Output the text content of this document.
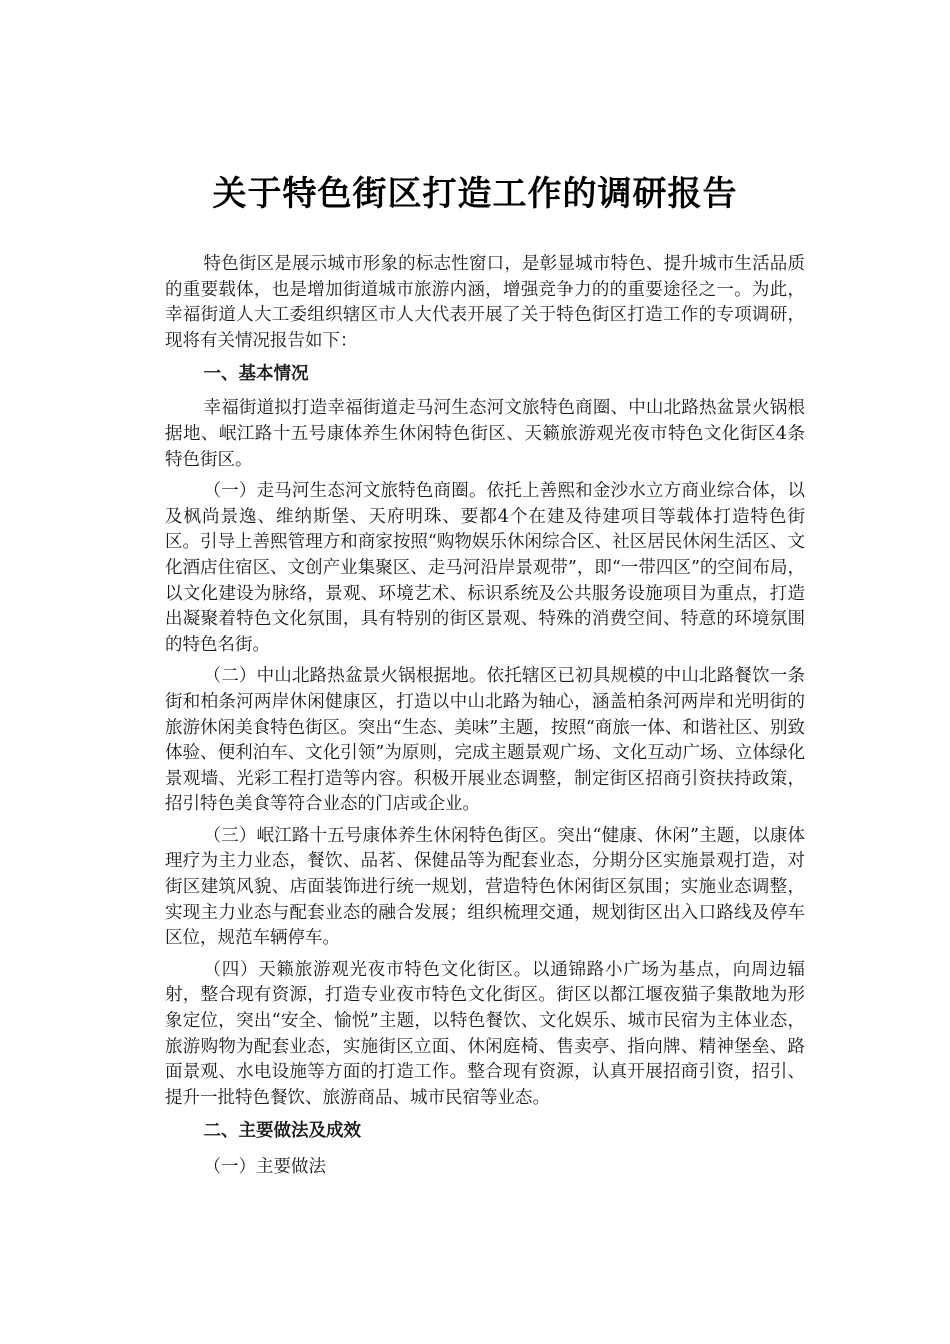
关于特色街区打造工作的调研报告

特色街区是展示城市形象的标志性窗口，是彰显城市特色、提升城市生活品质的重要载体，也是增加街道城市旅游内涵，增强竞争力的的重要途径之一。为此，幸福街道人大工委组织辖区市人大代表开展了关于特色街区打造工作的专项调研，现将有关情况报告如下：

一、基本情况

幸福街道拟打造幸福街道走马河生态河文旅特色商圈、中山北路热盆景火锅根据地、岷江路十五号康体养生休闲特色街区、天籁旅游观光夜市特色文化街区4条特色街区。

（一）走马河生态河文旅特色商圈。依托上善熙和金沙水立方商业综合体，以及枫尚景逸、维纳斯堡、天府明珠、要都4个在建及待建项目等载体打造特色街区。引导上善熙管理方和商家按照“购物娱乐休闲综合区、社区居民休闲生活区、文化酒店住宿区、文创产业集聚区、走马河沿岸景观带”，即“一带四区”的空间布局，以文化建设为脉络，景观、环境艺术、标识系统及公共服务设施项目为重点，打造出凝聚着特色文化氛围，具有特别的街区景观、特殊的消费空间、特意的环境氛围的特色名街。

（二）中山北路热盆景火锅根据地。依托辖区已初具规模的中山北路餐饮一条街和柏条河两岸休闲健康区，打造以中山北路为轴心，涵盖柏条河两岸和光明街的旅游休闲美食特色街区。突出“生态、美味”主题，按照“商旅一体、和谐社区、别致体验、便利泊车、文化引领”为原则，完成主题景观广场、文化互动广场、立体绿化景观墙、光彩工程打造等内容。积极开展业态调整，制定街区招商引资扶持政策，招引特色美食等符合业态的门店或企业。

（三）岷江路十五号康体养生休闲特色街区。突出“健康、休闲”主题，以康体理疗为主力业态，餐饮、品茗、保健品等为配套业态，分期分区实施景观打造，对街区建筑风貌、店面装饰进行统一规划，营造特色休闲街区氛围；实施业态调整，实现主力业态与配套业态的融合发展；组织梳理交通，规划街区出入口路线及停车区位，规范车辆停车。

（四）天籁旅游观光夜市特色文化街区。以通锦路小广场为基点，向周边辐射，整合现有资源，打造专业夜市特色文化街区。街区以都江堰夜猫子集散地为形象定位，突出“安全、愉悦”主题，以特色餐饮、文化娱乐、城市民宿为主体业态，旅游购物为配套业态，实施街区立面、休闲庭椅、售卖亭、指向牌、精神堡垒、路面景观、水电设施等方面的打造工作。整合现有资源，认真开展招商引资，招引、提升一批特色餐饮、旅游商品、城市民宿等业态。

二、主要做法及成效

（一）主要做法
